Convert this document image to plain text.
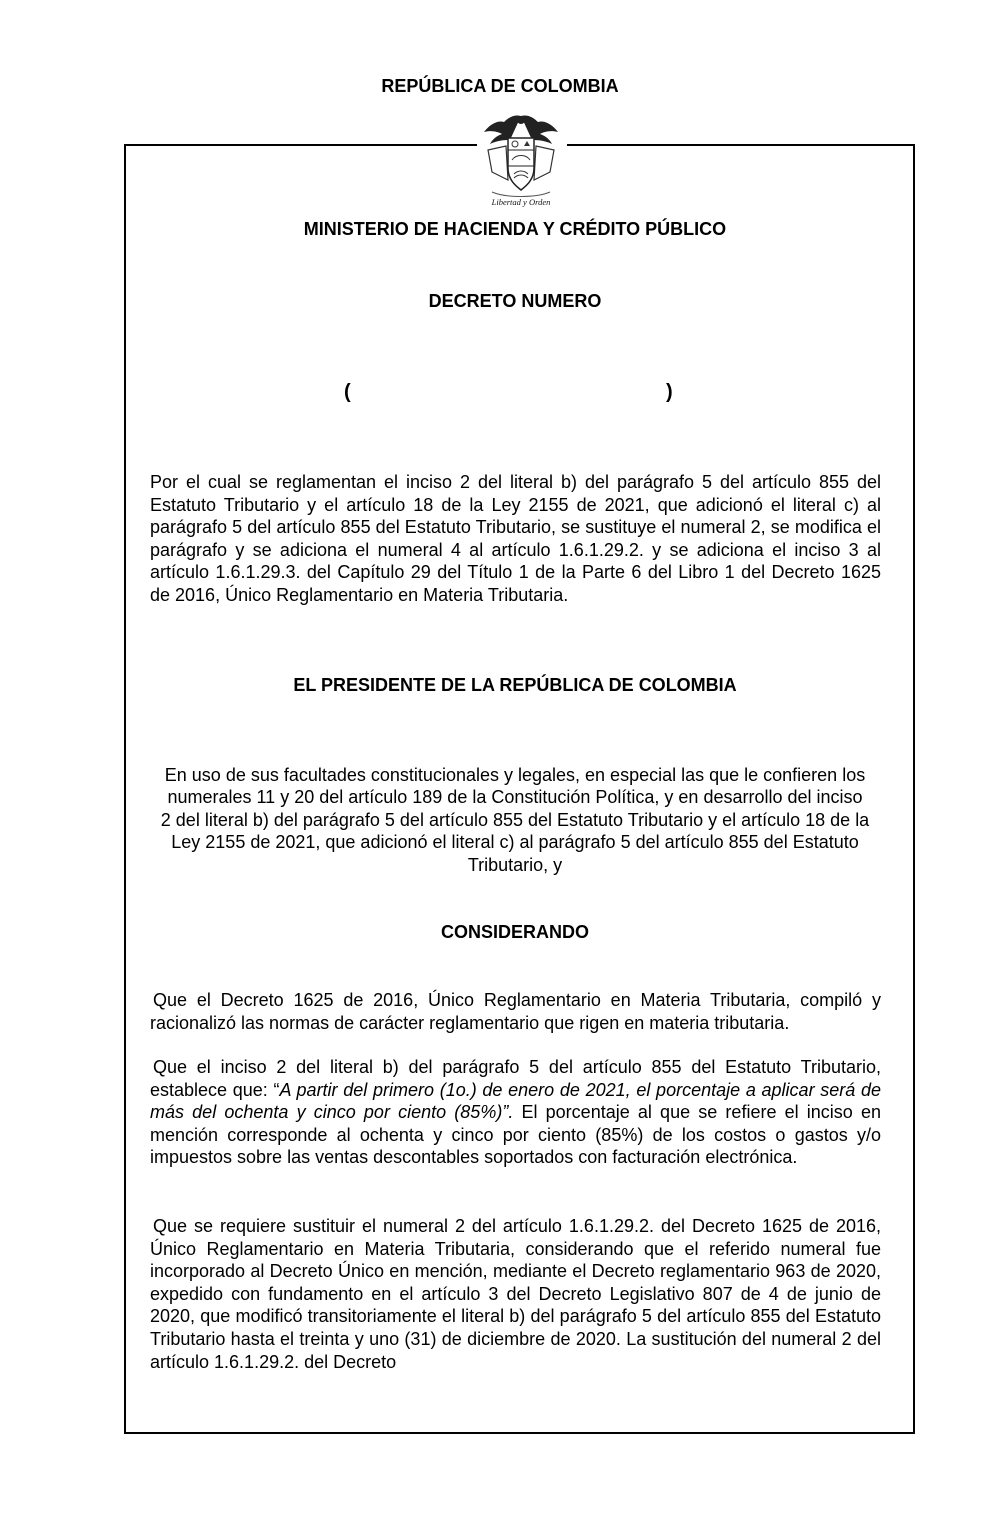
REPÚBLICA DE COLOMBIA
Libertad y Orden
MINISTERIO DE HACIENDA Y CRÉDITO PÚBLICO
DECRETO NUMERO
(	)
Por el cual se reglamentan el inciso 2 del literal b) del parágrafo 5 del artículo 855 del Estatuto Tributario y el artículo 18 de la Ley 2155 de 2021, que adicionó el literal c) al parágrafo 5 del artículo 855 del Estatuto Tributario, se sustituye el numeral 2, se modifica el parágrafo y se adiciona el numeral 4 al artículo 1.6.1.29.2. y se adiciona el inciso 3 al artículo 1.6.1.29.3. del Capítulo 29 del Título 1 de la Parte 6 del Libro 1 del Decreto 1625 de 2016, Único Reglamentario en Materia Tributaria.
EL PRESIDENTE DE LA REPÚBLICA DE COLOMBIA
En uso de sus facultades constitucionales y legales, en especial las que le confieren los numerales 11 y 20 del artículo 189 de la Constitución Política, y en desarrollo del inciso 2 del literal b) del parágrafo 5 del artículo 855 del Estatuto Tributario y el artículo 18 de la Ley 2155 de 2021, que adicionó el literal c) al parágrafo 5 del artículo 855 del Estatuto Tributario, y
CONSIDERANDO
Que el Decreto 1625 de 2016, Único Reglamentario en Materia Tributaria, compiló y racionalizó las normas de carácter reglamentario que rigen en materia tributaria.
Que el inciso 2 del literal b) del parágrafo 5 del artículo 855 del Estatuto Tributario, establece que: “A partir del primero (1o.) de enero de 2021, el porcentaje a aplicar será de más del ochenta y cinco por ciento (85%)”. El porcentaje al que se refiere el inciso en mención corresponde al ochenta y cinco por ciento (85%) de los costos o gastos y/o impuestos sobre las ventas descontables soportados con facturación electrónica.
Que se requiere sustituir el numeral 2 del artículo 1.6.1.29.2. del Decreto 1625 de 2016, Único Reglamentario en Materia Tributaria, considerando que el referido numeral fue incorporado al Decreto Único en mención, mediante el Decreto reglamentario 963 de 2020, expedido con fundamento en el artículo 3 del Decreto Legislativo 807 de 4 de junio de 2020, que modificó transitoriamente el literal b) del parágrafo 5 del artículo 855 del Estatuto Tributario hasta el treinta y uno (31) de diciembre de 2020. La sustitución del numeral 2 del artículo 1.6.1.29.2. del Decreto
